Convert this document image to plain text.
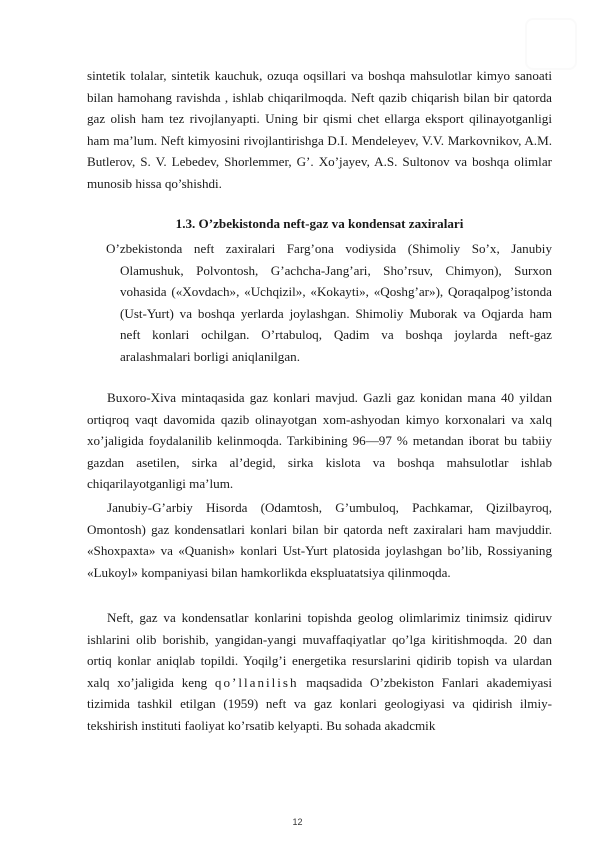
sintetik tolalar, sintetik kauchuk, ozuqa oqsillari va boshqa mahsulotlar kimyo sanoati bilan hamohang ravishda , ishlab chiqarilmoqda. Neft qazib chiqarish bilan bir qatorda gaz olish ham tez rivojlanyapti. Uning bir qismi chet ellarga eksport qilinayotganligi ham ma’lum. Neft kimyosini rivojlantirishga D.I. Mendeleyev, V.V. Markovnikov, A.M. Butlerov, S. V. Lebedev, Shorlemmer, G’. Xo’jayev, A.S. Sultonov va boshqa olimlar munosib hissa qo’shishdi.

1.3. O’zbekistonda neft-gaz va kondensat zaxiralari

O’zbekistonda neft zaxiralari Farg’ona vodiysida (Shimoliy So’x, Janubiy Olamushuk, Polvontosh, G’achcha-Jang’ari, Sho’rsuv, Chimyon), Surxon vohasida («Xovdach», «Uchqizil», «Kokayti», «Qoshg’ar»), Qoraqalpog’istonda (Ust-Yurt) va boshqa yerlarda joylashgan. Shimoliy Muborak va Oqjarda ham neft konlari ochilgan. O’rtabuloq, Qadim va boshqa joylarda neft-gaz aralashmalari borligi aniqlanilgan.

Buxoro-Xiva mintaqasida gaz konlari mavjud. Gazli gaz konidan mana 40 yildan ortiqroq vaqt davomida qazib olinayotgan xom-ashyodan kimyo korxonalari va xalq xo’jaligida foydalanilib kelinmoqda. Tarkibining 96—97 % metandan iborat bu tabiiy gazdan asetilen, sirka al’degid, sirka kislota va boshqa mahsulotlar ishlab chiqarilayotganligi ma’lum.

Janubiy-G’arbiy Hisorda (Odamtosh, G’umbuloq, Pachkamar, Qizilbayroq, Omontosh) gaz kondensatlari konlari bilan bir qatorda neft zaxiralari ham mavjuddir. «Shoxpaxta» va «Quanish» konlari Ust-Yurt platosida joylashgan bo’lib, Rossiyaning «Lukoyl» kompaniyasi bilan hamkorlikda ekspluatatsiya qilinmoqda.

Neft, gaz va kondensatlar konlarini topishda geolog olimlarimiz tinimsiz qidiruv ishlarini olib borishib, yangidan-yangi muvaffaqiyatlar qo’lga kiritishmoqda. 20 dan ortiq konlar aniqlab topildi. Yoqilg’i energetika resurslarini qidirib topish va ulardan xalq xo’jaligida keng qo’llanilish maqsadida O’zbekiston Fanlari akademiyasi tizimida tashkil etilgan (1959) neft va gaz konlari geologiyasi va qidirish ilmiy-tekshirish instituti faoliyat ko’rsatib kelyapti. Bu sohada akadcmik

12
